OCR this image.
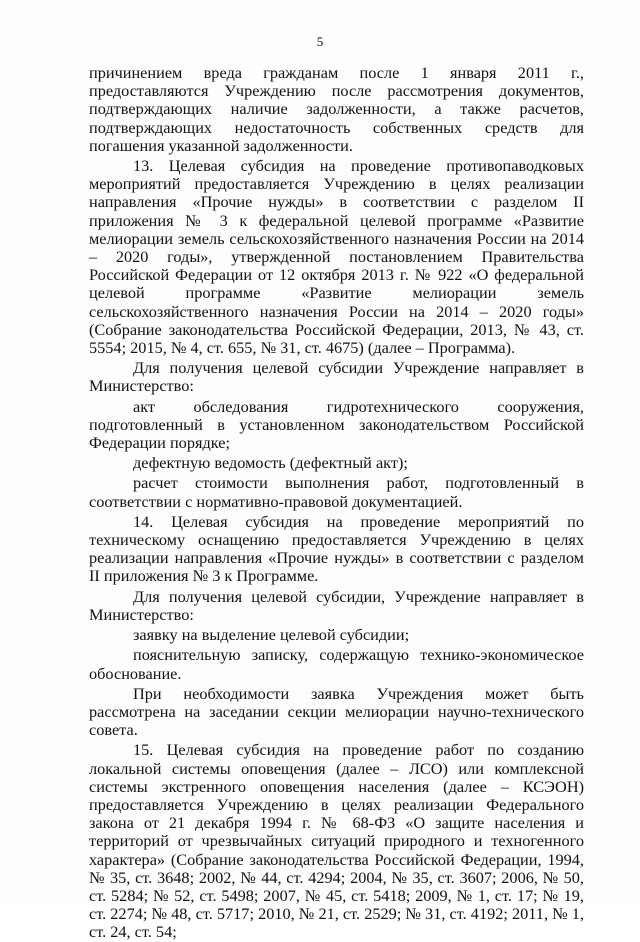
5

причинением вреда гражданам после 1 января 2011 г., предоставляются Учреждению после рассмотрения документов, подтверждающих наличие задолженности, а также расчетов, подтверждающих недостаточность собственных средств для погашения указанной задолженности.

13. Целевая субсидия на проведение противопаводковых мероприятий предоставляется Учреждению в целях реализации направления «Прочие нужды» в соответствии с разделом II приложения № 3 к федеральной целевой программе «Развитие мелиорации земель сельскохозяйственного назначения России на 2014 – 2020 годы», утвержденной постановлением Правительства Российской Федерации от 12 октября 2013 г. № 922 «О федеральной целевой программе «Развитие мелиорации земель сельскохозяйственного назначения России на 2014 – 2020 годы» (Собрание законодательства Российской Федерации, 2013, № 43, ст. 5554; 2015, № 4, ст. 655, № 31, ст. 4675) (далее – Программа).

Для получения целевой субсидии Учреждение направляет в Министерство:

акт обследования гидротехнического сооружения, подготовленный в установленном законодательством Российской Федерации порядке;

дефектную ведомость (дефектный акт);

расчет стоимости выполнения работ, подготовленный в соответствии с нормативно-правовой документацией.

14. Целевая субсидия на проведение мероприятий по техническому оснащению предоставляется Учреждению в целях реализации направления «Прочие нужды» в соответствии с разделом II приложения № 3 к Программе.

Для получения целевой субсидии, Учреждение направляет в Министерство:

заявку на выделение целевой субсидии;

пояснительную записку, содержащую технико-экономическое обоснование.

При необходимости заявка Учреждения может быть рассмотрена на заседании секции мелиорации научно-технического совета.

15. Целевая субсидия на проведение работ по созданию локальной системы оповещения (далее – ЛСО) или комплексной системы экстренного оповещения населения (далее – КСЭОН) предоставляется Учреждению в целях реализации Федерального закона от 21 декабря 1994 г. № 68-ФЗ «О защите населения и территорий от чрезвычайных ситуаций природного и техногенного характера» (Собрание законодательства Российской Федерации, 1994, № 35, ст. 3648; 2002, № 44, ст. 4294; 2004, № 35, ст. 3607; 2006, № 50, ст. 5284; № 52, ст. 5498; 2007, № 45, ст. 5418; 2009, № 1, ст. 17; № 19, ст. 2274; № 48, ст. 5717; 2010, № 21, ст. 2529; № 31, ст. 4192; 2011, № 1, ст. 24, ст. 54;
